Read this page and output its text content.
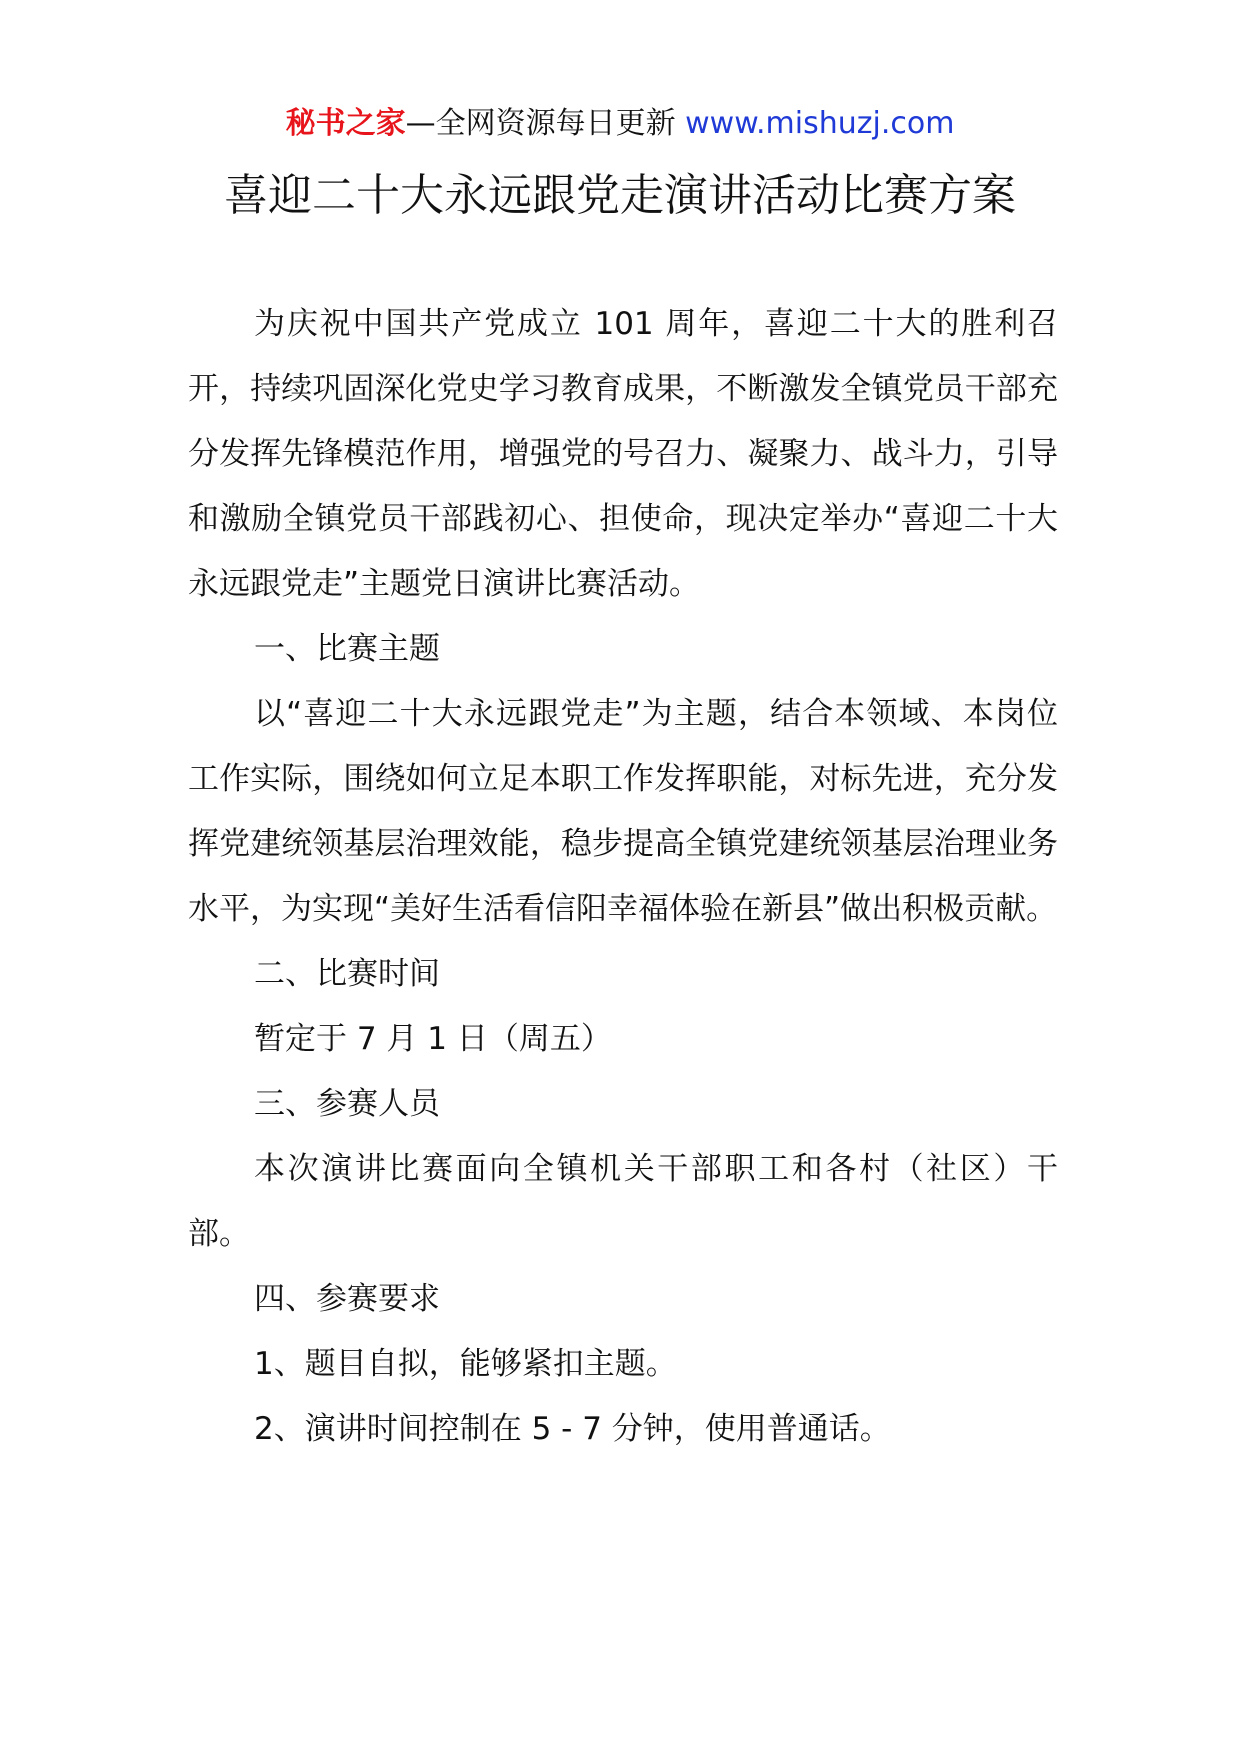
秘书之家—全网资源每日更新 www.mishuzj.com
喜迎二十大永远跟党走演讲活动比赛方案

为庆祝中国共产党成立 101 周年，喜迎二十大的胜利召开，持续巩固深化党史学习教育成果，不断激发全镇党员干部充分发挥先锋模范作用，增强党的号召力、凝聚力、战斗力，引导和激励全镇党员干部践初心、担使命，现决定举办“喜迎二十大永远跟党走”主题党日演讲比赛活动。

一、比赛主题

以“喜迎二十大永远跟党走”为主题，结合本领域、本岗位工作实际，围绕如何立足本职工作发挥职能，对标先进，充分发挥党建统领基层治理效能，稳步提高全镇党建统领基层治理业务水平，为实现“美好生活看信阳幸福体验在新县”做出积极贡献。

二、比赛时间

暂定于 7 月 1 日（周五）

三、参赛人员

本次演讲比赛面向全镇机关干部职工和各村（社区）干部。

四、参赛要求

1、题目自拟，能够紧扣主题。

2、演讲时间控制在 5 - 7 分钟，使用普通话。
